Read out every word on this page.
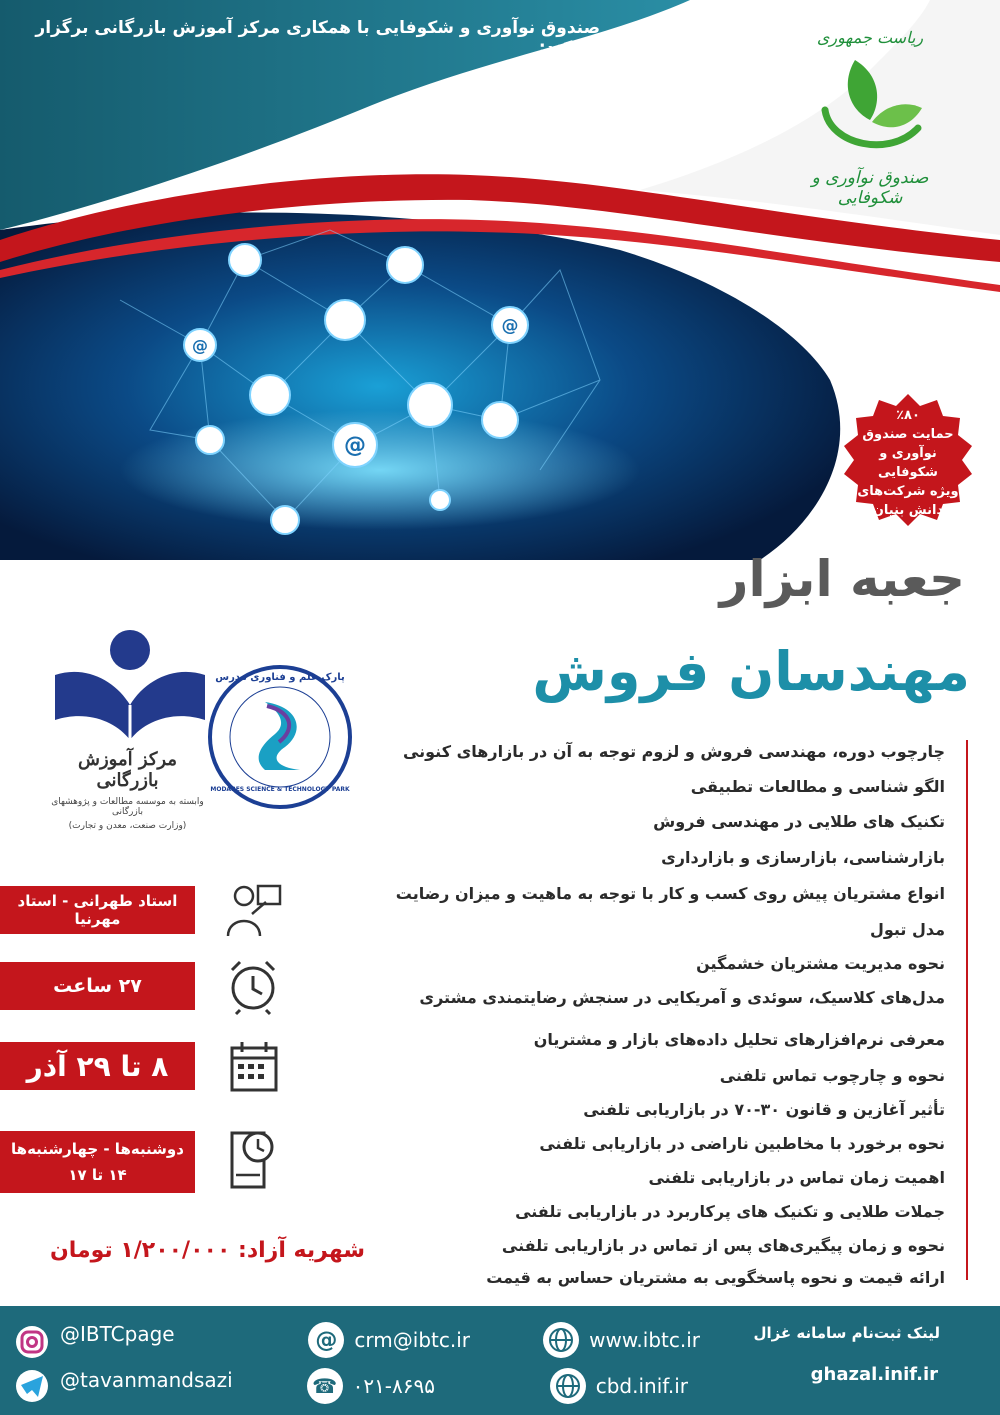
@
@
@
صندوق نوآوری و شکوفایی با همکاری مرکز آموزش بازرگانی برگزار می‌کند:
ریاست جمهوری
صندوق نوآوری و شکوفایی
٪۸۰
حمایت صندوق
نوآوری و شکوفایی
ویژه شرکت‌های
دانش بنیان
جعبه ابزار
مهندسان فروش
مرکز آموزش بازرگانی
وابسته به موسسه مطالعات و پژوهشهای بازرگانی
(وزارت صنعت، معدن و تجارت)
پارک علم و فناوری مدرس
MODARES SCIENCE & TECHNOLOGY PARK
استاد طهرانی - استاد مهرنیا
۲۷ ساعت
۸ تا ۲۹ آذر
دوشنبه‌ها - چهارشنبه‌ها
۱۴ تا ۱۷
چارچوب دوره، مهندسی فروش و لزوم توجه به آن در بازارهای کنونی
الگو شناسی و مطالعات تطبیقی
تکنیک های طلایی در مهندسی فروش
بازارشناسی، بازارسازی و بازارداری
انواع مشتریان پیش روی کسب و کار با توجه به ماهیت و میزان رضایت
مدل تبول
نحوه مدیریت مشتریان خشمگین
مدل‌های کلاسیک، سوئدی و آمریکایی در سنجش رضایتمندی مشتری
معرفی نرم‌افزارهای تحلیل داده‌های بازار و مشتریان
نحوه و چارچوب تماس تلفنی
تأثیر آغازین و قانون ۳۰-۷۰ در بازاریابی تلفنی
نحوه برخورد با مخاطبین ناراضی در بازاریابی تلفنی
اهمیت زمان تماس در بازاریابی تلفنی
جملات طلایی و تکنیک های پرکاربرد در بازاریابی تلفنی
نحوه و زمان پیگیری‌های پس از تماس در بازاریابی تلفنی
ارائه قیمت و نحوه پاسخگویی به مشتریان حساس به قیمت
شهریه آزاد: ۱/۲۰۰/۰۰۰ تومان
لینک ثبت‌نام سامانه غزال
ghazal.inif.ir
www.ibtc.ir
cbd.inif.ir
@ crm@ibtc.ir
☎ ۰۲۱-۸۶۹۵
@IBTCpage
@tavanmandsazi
